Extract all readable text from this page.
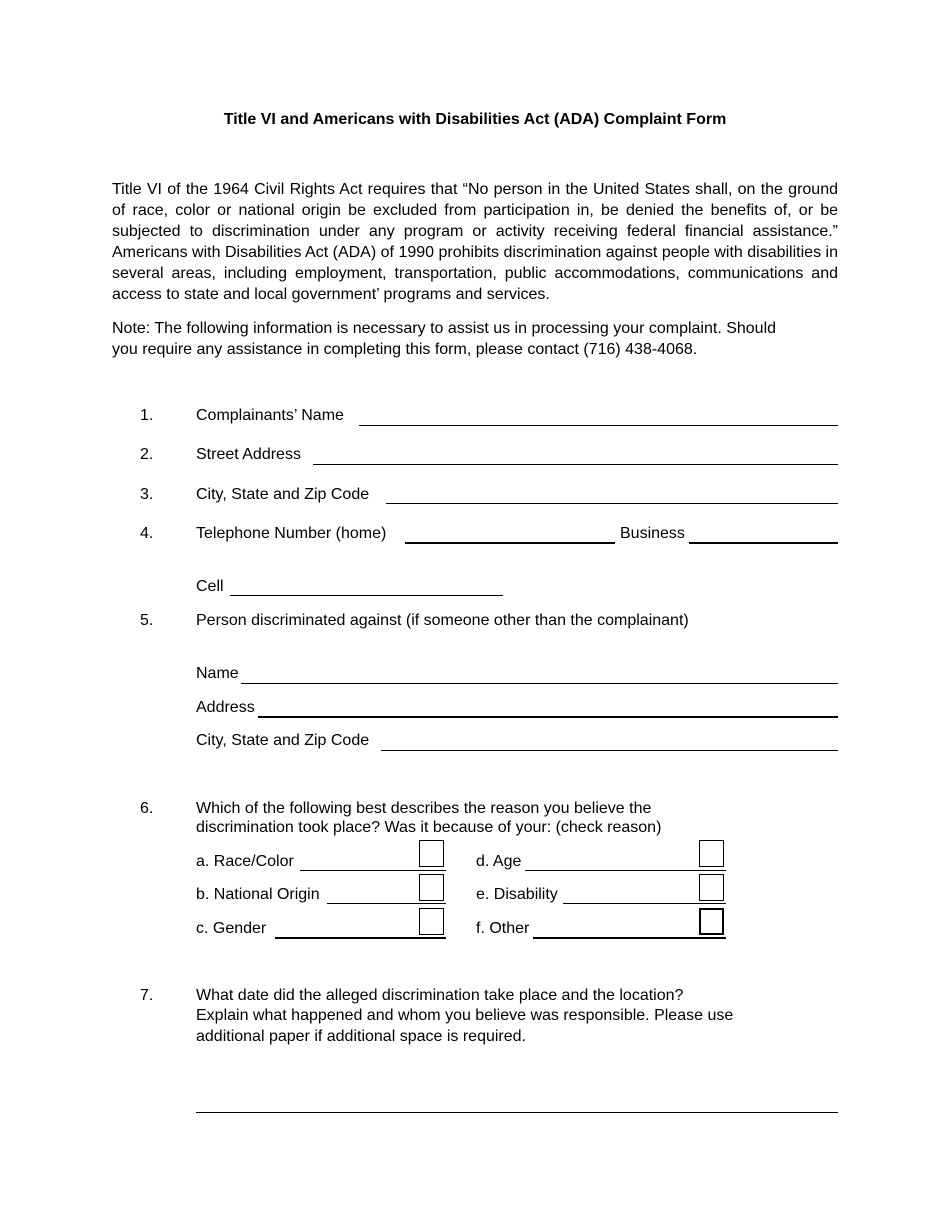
Title VI and Americans with Disabilities Act (ADA) Complaint Form
Title VI of the 1964 Civil Rights Act requires that “No person in the United States shall, on the ground of race, color or national origin be excluded from participation in, be denied the benefits of, or be subjected to discrimination under any program or activity receiving federal financial assistance.” Americans with Disabilities Act (ADA) of 1990 prohibits discrimination against people with disabilities in several areas, including employment, transportation, public accommodations, communications and access to state and local government’ programs and services.
Note: The following information is necessary to assist us in processing your complaint. Should
you require any assistance in completing this form, please contact (716) 438-4068.
1.	Complainants’ Name
2.	Street Address
3.	City, State and Zip Code
4.	Telephone Number (home)	Business
Cell
5.	Person discriminated against (if someone other than the complainant)
Name
Address
City, State and Zip Code
6.	Which of the following best describes the reason you believe the
discrimination took place? Was it because of your: (check reason)
a. Race/Color	d. Age
b. National Origin	e. Disability
c. Gender	f. Other
7.	What date did the alleged discrimination take place and the location?
Explain what happened and whom you believe was responsible. Please use
additional paper if additional space is required.
